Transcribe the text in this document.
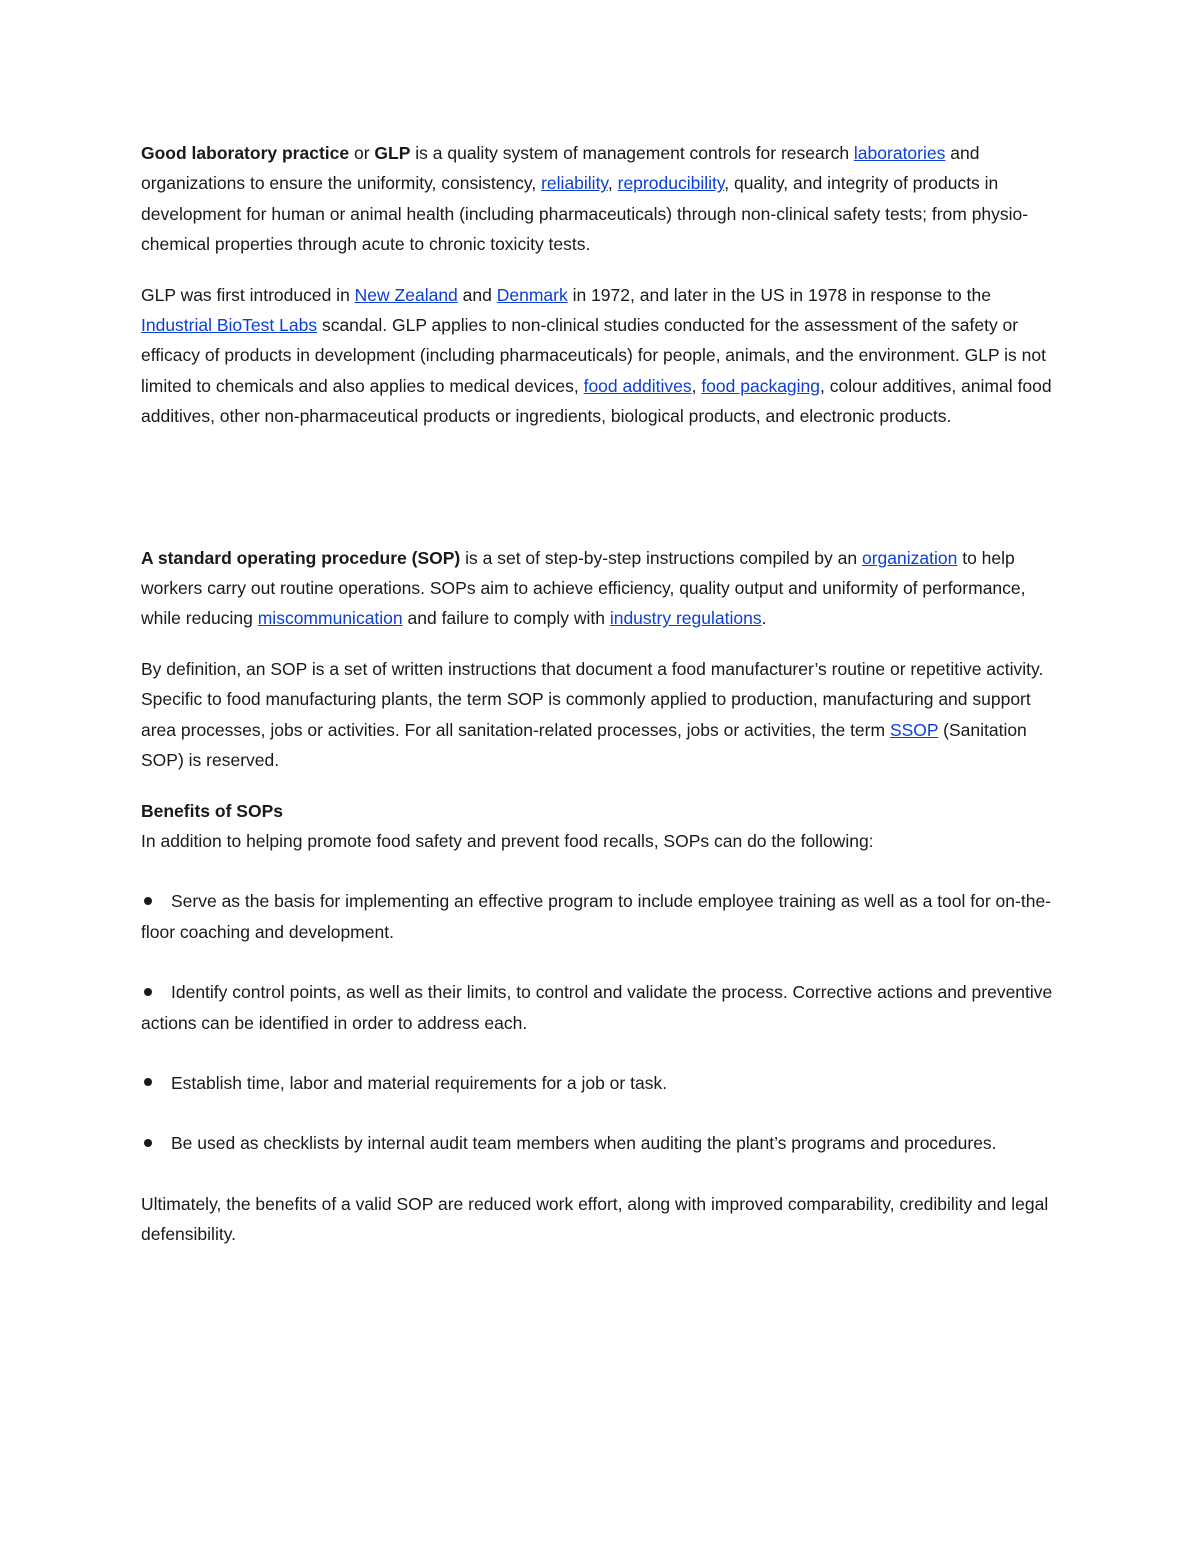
Good laboratory practice or GLP is a quality system of management controls for research laboratories and organizations to ensure the uniformity, consistency, reliability, reproducibility, quality, and integrity of products in development for human or animal health (including pharmaceuticals) through non-clinical safety tests; from physio-chemical properties through acute to chronic toxicity tests.

GLP was first introduced in New Zealand and Denmark in 1972, and later in the US in 1978 in response to the Industrial BioTest Labs scandal. GLP applies to non-clinical studies conducted for the assessment of the safety or efficacy of products in development (including pharmaceuticals) for people, animals, and the environment. GLP is not limited to chemicals and also applies to medical devices, food additives, food packaging, colour additives, animal food additives, other non-pharmaceutical products or ingredients, biological products, and electronic products.

A standard operating procedure (SOP) is a set of step-by-step instructions compiled by an organization to help workers carry out routine operations. SOPs aim to achieve efficiency, quality output and uniformity of performance, while reducing miscommunication and failure to comply with industry regulations.

By definition, an SOP is a set of written instructions that document a food manufacturer’s routine or repetitive activity. Specific to food manufacturing plants, the term SOP is commonly applied to production, manufacturing and support area processes, jobs or activities. For all sanitation-related processes, jobs or activities, the term SSOP (Sanitation SOP) is reserved.

Benefits of SOPs

In addition to helping promote food safety and prevent food recalls, SOPs can do the following:

Serve as the basis for implementing an effective program to include employee training as well as a tool for on-the-floor coaching and development.
Identify control points, as well as their limits, to control and validate the process. Corrective actions and preventive actions can be identified in order to address each.
Establish time, labor and material requirements for a job or task.
Be used as checklists by internal audit team members when auditing the plant’s programs and procedures.

Ultimately, the benefits of a valid SOP are reduced work effort, along with improved comparability, credibility and legal defensibility.
